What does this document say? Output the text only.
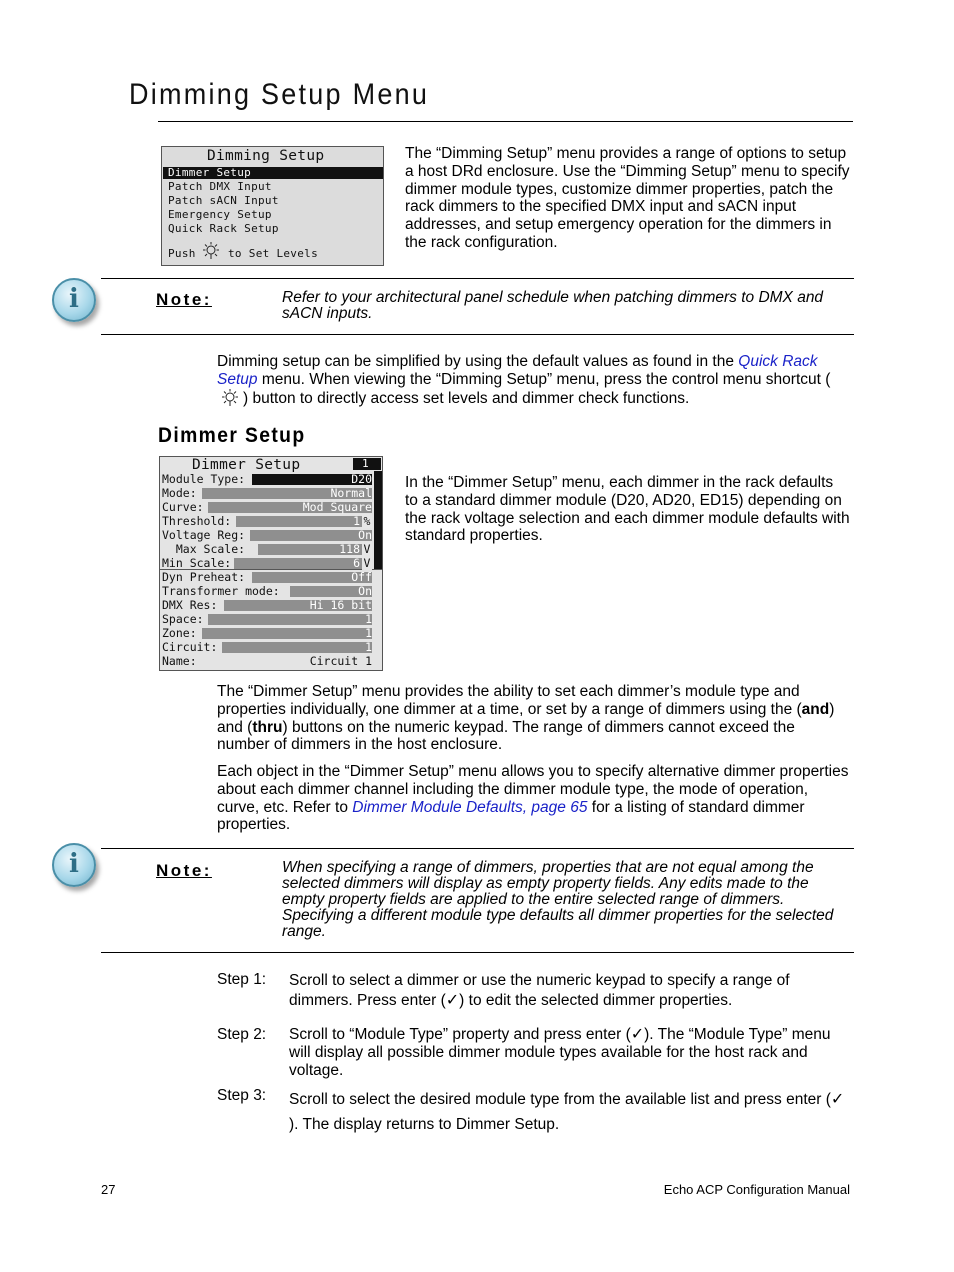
Dimming Setup Menu
Dimming Setup
Dimmer Setup
Patch DMX Input
Patch sACN Input
Emergency Setup
Quick Rack Setup
Push	to Set Levels
The “Dimming Setup” menu provides a range of options to setup a host DRd enclosure. Use the “Dimming Setup” menu to specify dimmer module types, customize dimmer properties, patch the rack dimmers to the specified DMX input and sACN input addresses, and setup emergency operation for the dimmers in the rack configuration.
i	Note:	Refer to your architectural panel schedule when patching dimmers to DMX and sACN inputs.
Dimming setup can be simplified by using the default values as found in the Quick Rack Setup menu. When viewing the “Dimming Setup” menu, press the control menu shortcut () button to directly access set levels and dimmer check functions.
Dimmer Setup
Dimmer Setup	1
Module Type:	D20
Mode:	Normal
Curve:	Mod Square
Threshold:	1 %
Voltage Reg:	On
Max Scale:	118 V
Min Scale:	6 V
Dyn Preheat:	Off
Transformer mode:	On
DMX Res:	Hi 16 bit
Space:	1
Zone:	1
Circuit:	1
Name:	Circuit 1
In the “Dimmer Setup” menu, each dimmer in the rack defaults to a standard dimmer module (D20, AD20, ED15) depending on the rack voltage selection and each dimmer module defaults with standard properties.
The “Dimmer Setup” menu provides the ability to set each dimmer’s module type and properties individually, one dimmer at a time, or set by a range of dimmers using the (and) and (thru) buttons on the numeric keypad. The range of dimmers cannot exceed the number of dimmers in the host enclosure.
Each object in the “Dimmer Setup” menu allows you to specify alternative dimmer properties about each dimmer channel including the dimmer module type, the mode of operation, curve, etc. Refer to Dimmer Module Defaults, page 65 for a listing of standard dimmer properties.
i	Note:	When specifying a range of dimmers, properties that are not equal among the selected dimmers will display as empty property fields. Any edits made to the empty property fields are applied to the entire selected range of dimmers. Specifying a different module type defaults all dimmer properties for the selected range.
Step 1: Scroll to select a dimmer or use the numeric keypad to specify a range of dimmers. Press enter (✓) to edit the selected dimmer properties.
Step 2: Scroll to “Module Type” property and press enter (✓). The “Module Type” menu will display all possible dimmer module types available for the host rack and voltage.
Step 3: Scroll to select the desired module type from the available list and press enter (✓). The display returns to Dimmer Setup.
27	Echo ACP Configuration Manual
